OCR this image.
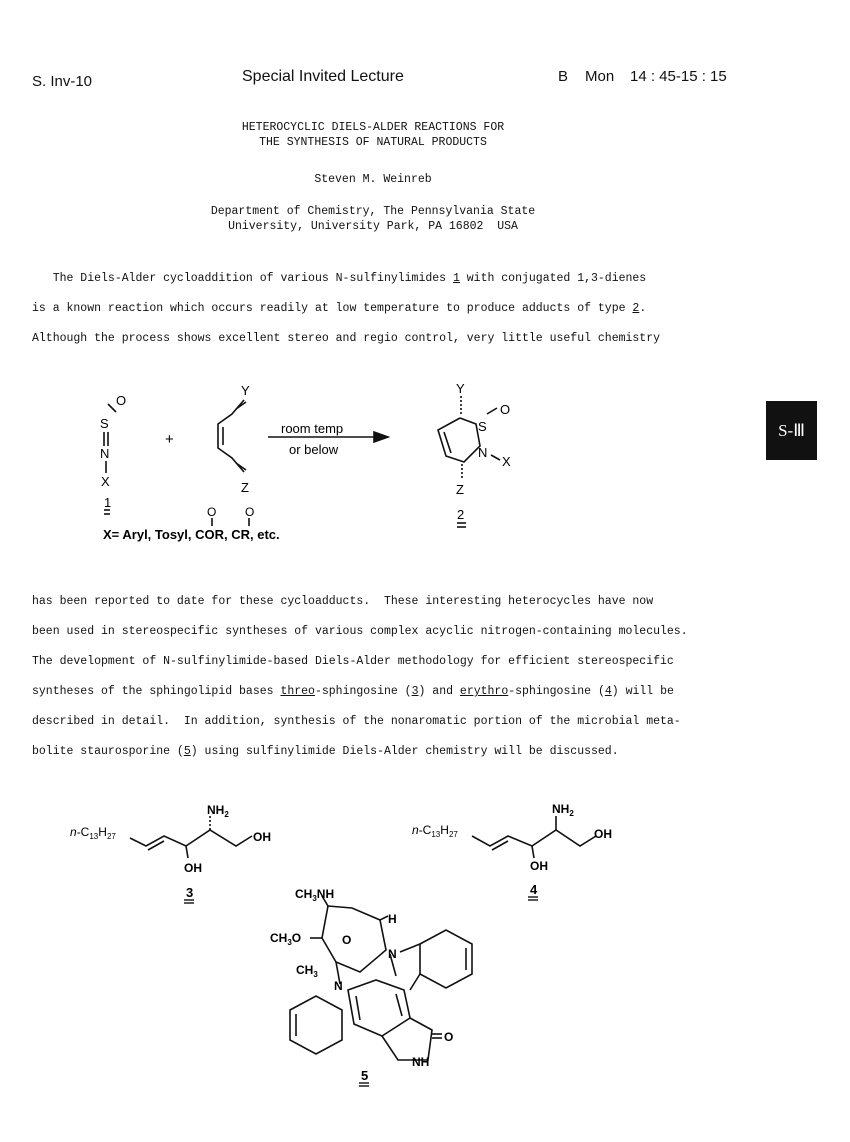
S. Inv-10	Special Invited Lecture	B Mon 14 : 45-15 : 15
HETEROCYCLIC DIELS-ALDER REACTIONS FOR
THE SYNTHESIS OF NATURAL PRODUCTS
Steven M. Weinreb
Department of Chemistry, The Pennsylvania State
University, University Park, PA 16802  USA
The Diels-Alder cycloaddition of various N-sulfinylimides 1 with conjugated 1,3-dienes
is a known reaction which occurs readily at low temperature to produce adducts of type 2.
Although the process shows excellent stereo and regio control, very little useful chemistry
O
S
N
X
1
+
Y
Z
room temp
or below
Y
S
O
N
X
Z
2
O O
X= Aryl, Tosyl, COR, CR, etc.
S-Ⅲ
has been reported to date for these cycloadducts.  These interesting heterocycles have now
been used in stereospecific syntheses of various complex acyclic nitrogen-containing molecules.
The development of N-sulfinylimide-based Diels-Alder methodology for efficient stereospecific
syntheses of the sphingolipid bases threo-sphingosine (3) and erythro-sphingosine (4) will be
described in detail.  In addition, synthesis of the nonaromatic portion of the microbial meta-
bolite staurosporine (5) using sulfinylimide Diels-Alder chemistry will be discussed.
$n-C_{13}H_{27}$
$NH_2$
OH
OH
3
$n-C_{13}H_{27}$
$NH_2$
OH
OH
4
$CH_3NH$
$CH_3O$
$CH_3$
H
O
N
N
O
NH
5
